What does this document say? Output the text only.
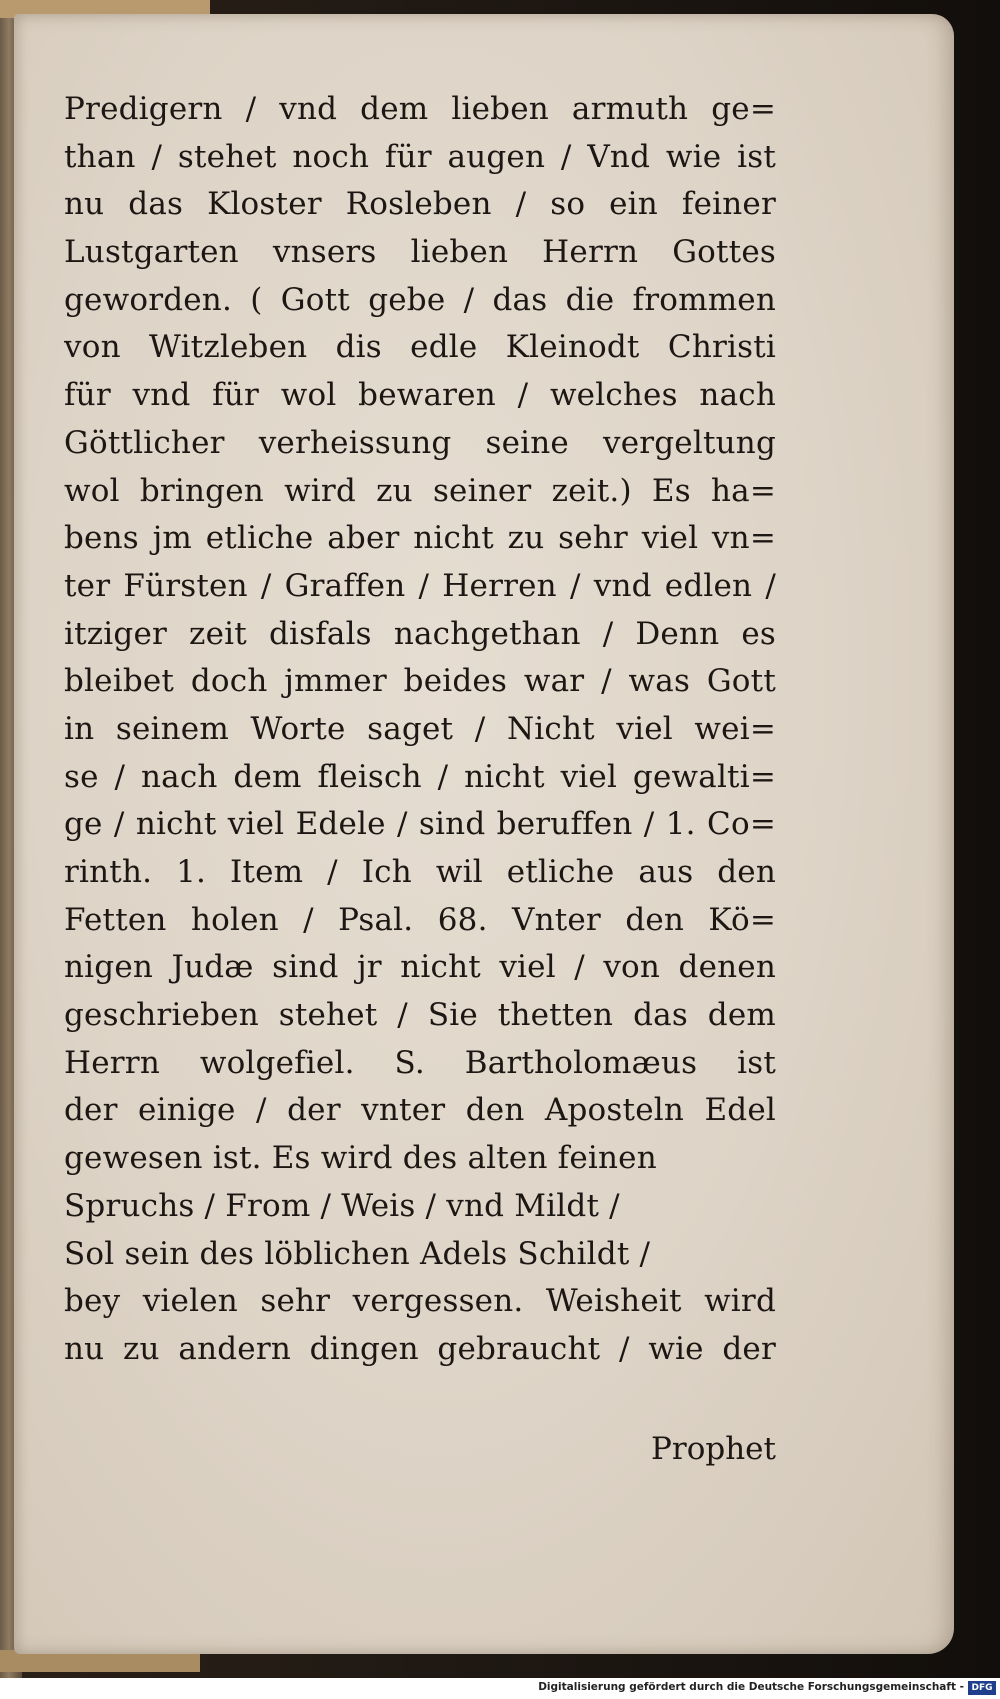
Predigern / vnd dem lieben armuth ge=
than / stehet noch für augen / Vnd wie ist
nu das Kloster Rosleben / so ein feiner
Lustgarten vnsers lieben Herrn Gottes
geworden. ( Gott gebe / das die frommen
von Witzleben dis edle Kleinodt Christi
für vnd für wol bewaren / welches nach
Göttlicher verheissung seine vergeltung
wol bringen wird zu seiner zeit.) Es ha=
bens jm etliche aber nicht zu sehr viel vn=
ter Fürsten / Graffen / Herren / vnd edlen /
itziger zeit disfals nachgethan / Denn es
bleibet doch jmmer beides war / was Gott
in seinem Worte saget / Nicht viel wei=
se / nach dem fleisch / nicht viel gewalti=
ge / nicht viel Edele / sind beruffen / 1. Co=
rinth. 1. Item / Ich wil etliche aus den
Fetten holen / Psal. 68. Vnter den Kö=
nigen Judæ sind jr nicht viel / von denen
geschrieben stehet / Sie thetten das dem
Herrn wolgefiel. S. Bartholomæus ist
der einige / der vnter den Aposteln Edel
gewesen ist. Es wird des alten feinen
Spruchs / From / Weis / vnd Mildt /
Sol sein des löblichen Adels Schildt /
bey vielen sehr vergessen. Weisheit wird
nu zu andern dingen gebraucht / wie der
Prophet
Digitalisierung gefördert durch die Deutsche Forschungsgemeinschaft - DFG
